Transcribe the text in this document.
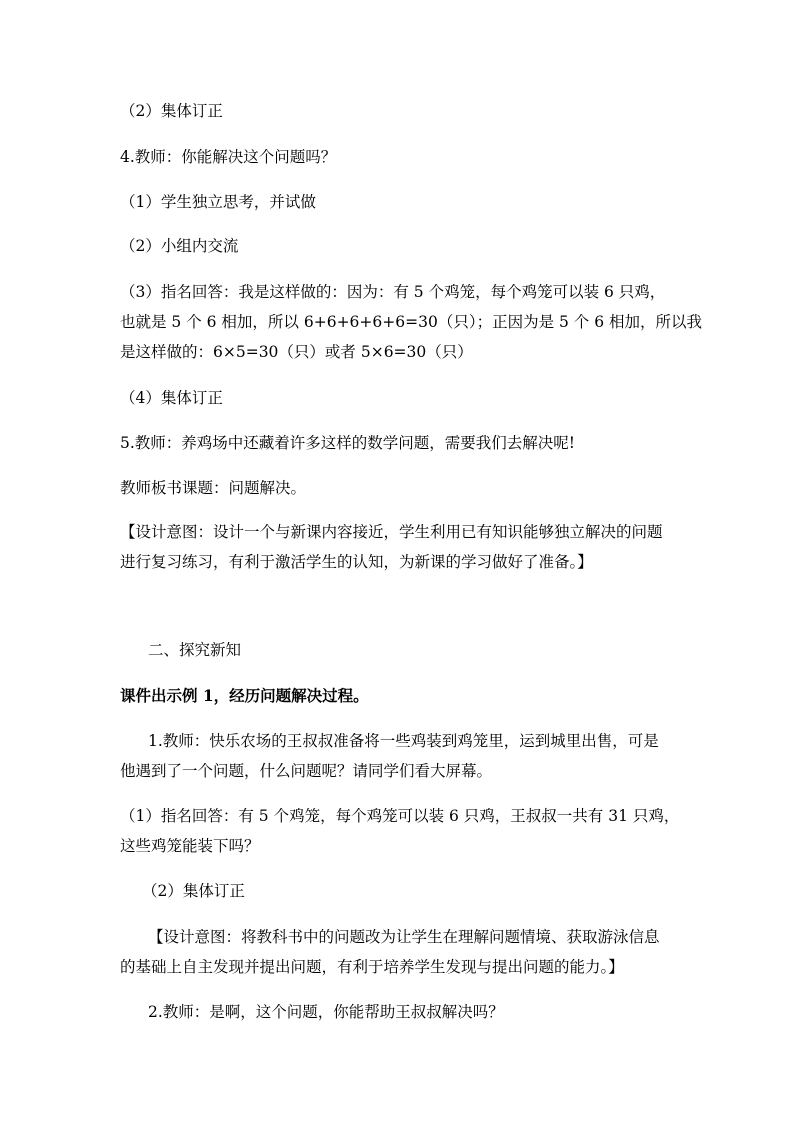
（2）集体订正

4.教师：你能解决这个问题吗？

（1）学生独立思考，并试做

（2）小组内交流

（3）指名回答：我是这样做的：因为：有 5 个鸡笼，每个鸡笼可以装 6 只鸡，

也就是 5 个 6 相加，所以 6+6+6+6+6=30（只）；正因为是 5 个 6 相加，所以我

是这样做的：6×5=30（只）或者 5×6=30（只）

（4）集体订正

5.教师：养鸡场中还藏着许多这样的数学问题，需要我们去解决呢!

教师板书课题：问题解决。

【设计意图：设计一个与新课内容接近，学生利用已有知识能够独立解决的问题

进行复习练习，有利于激活学生的认知，为新课的学习做好了准备。】

二、探究新知

课件出示例 1，经历问题解决过程。

1.教师：快乐农场的王叔叔准备将一些鸡装到鸡笼里，运到城里出售，可是

他遇到了一个问题，什么问题呢？请同学们看大屏幕。

（1）指名回答：有 5 个鸡笼，每个鸡笼可以装 6 只鸡，王叔叔一共有 31 只鸡，

这些鸡笼能装下吗？

（2）集体订正

【设计意图：将教科书中的问题改为让学生在理解问题情境、获取游泳信息

的基础上自主发现并提出问题，有利于培养学生发现与提出问题的能力。】

2.教师：是啊，这个问题，你能帮助王叔叔解决吗？
